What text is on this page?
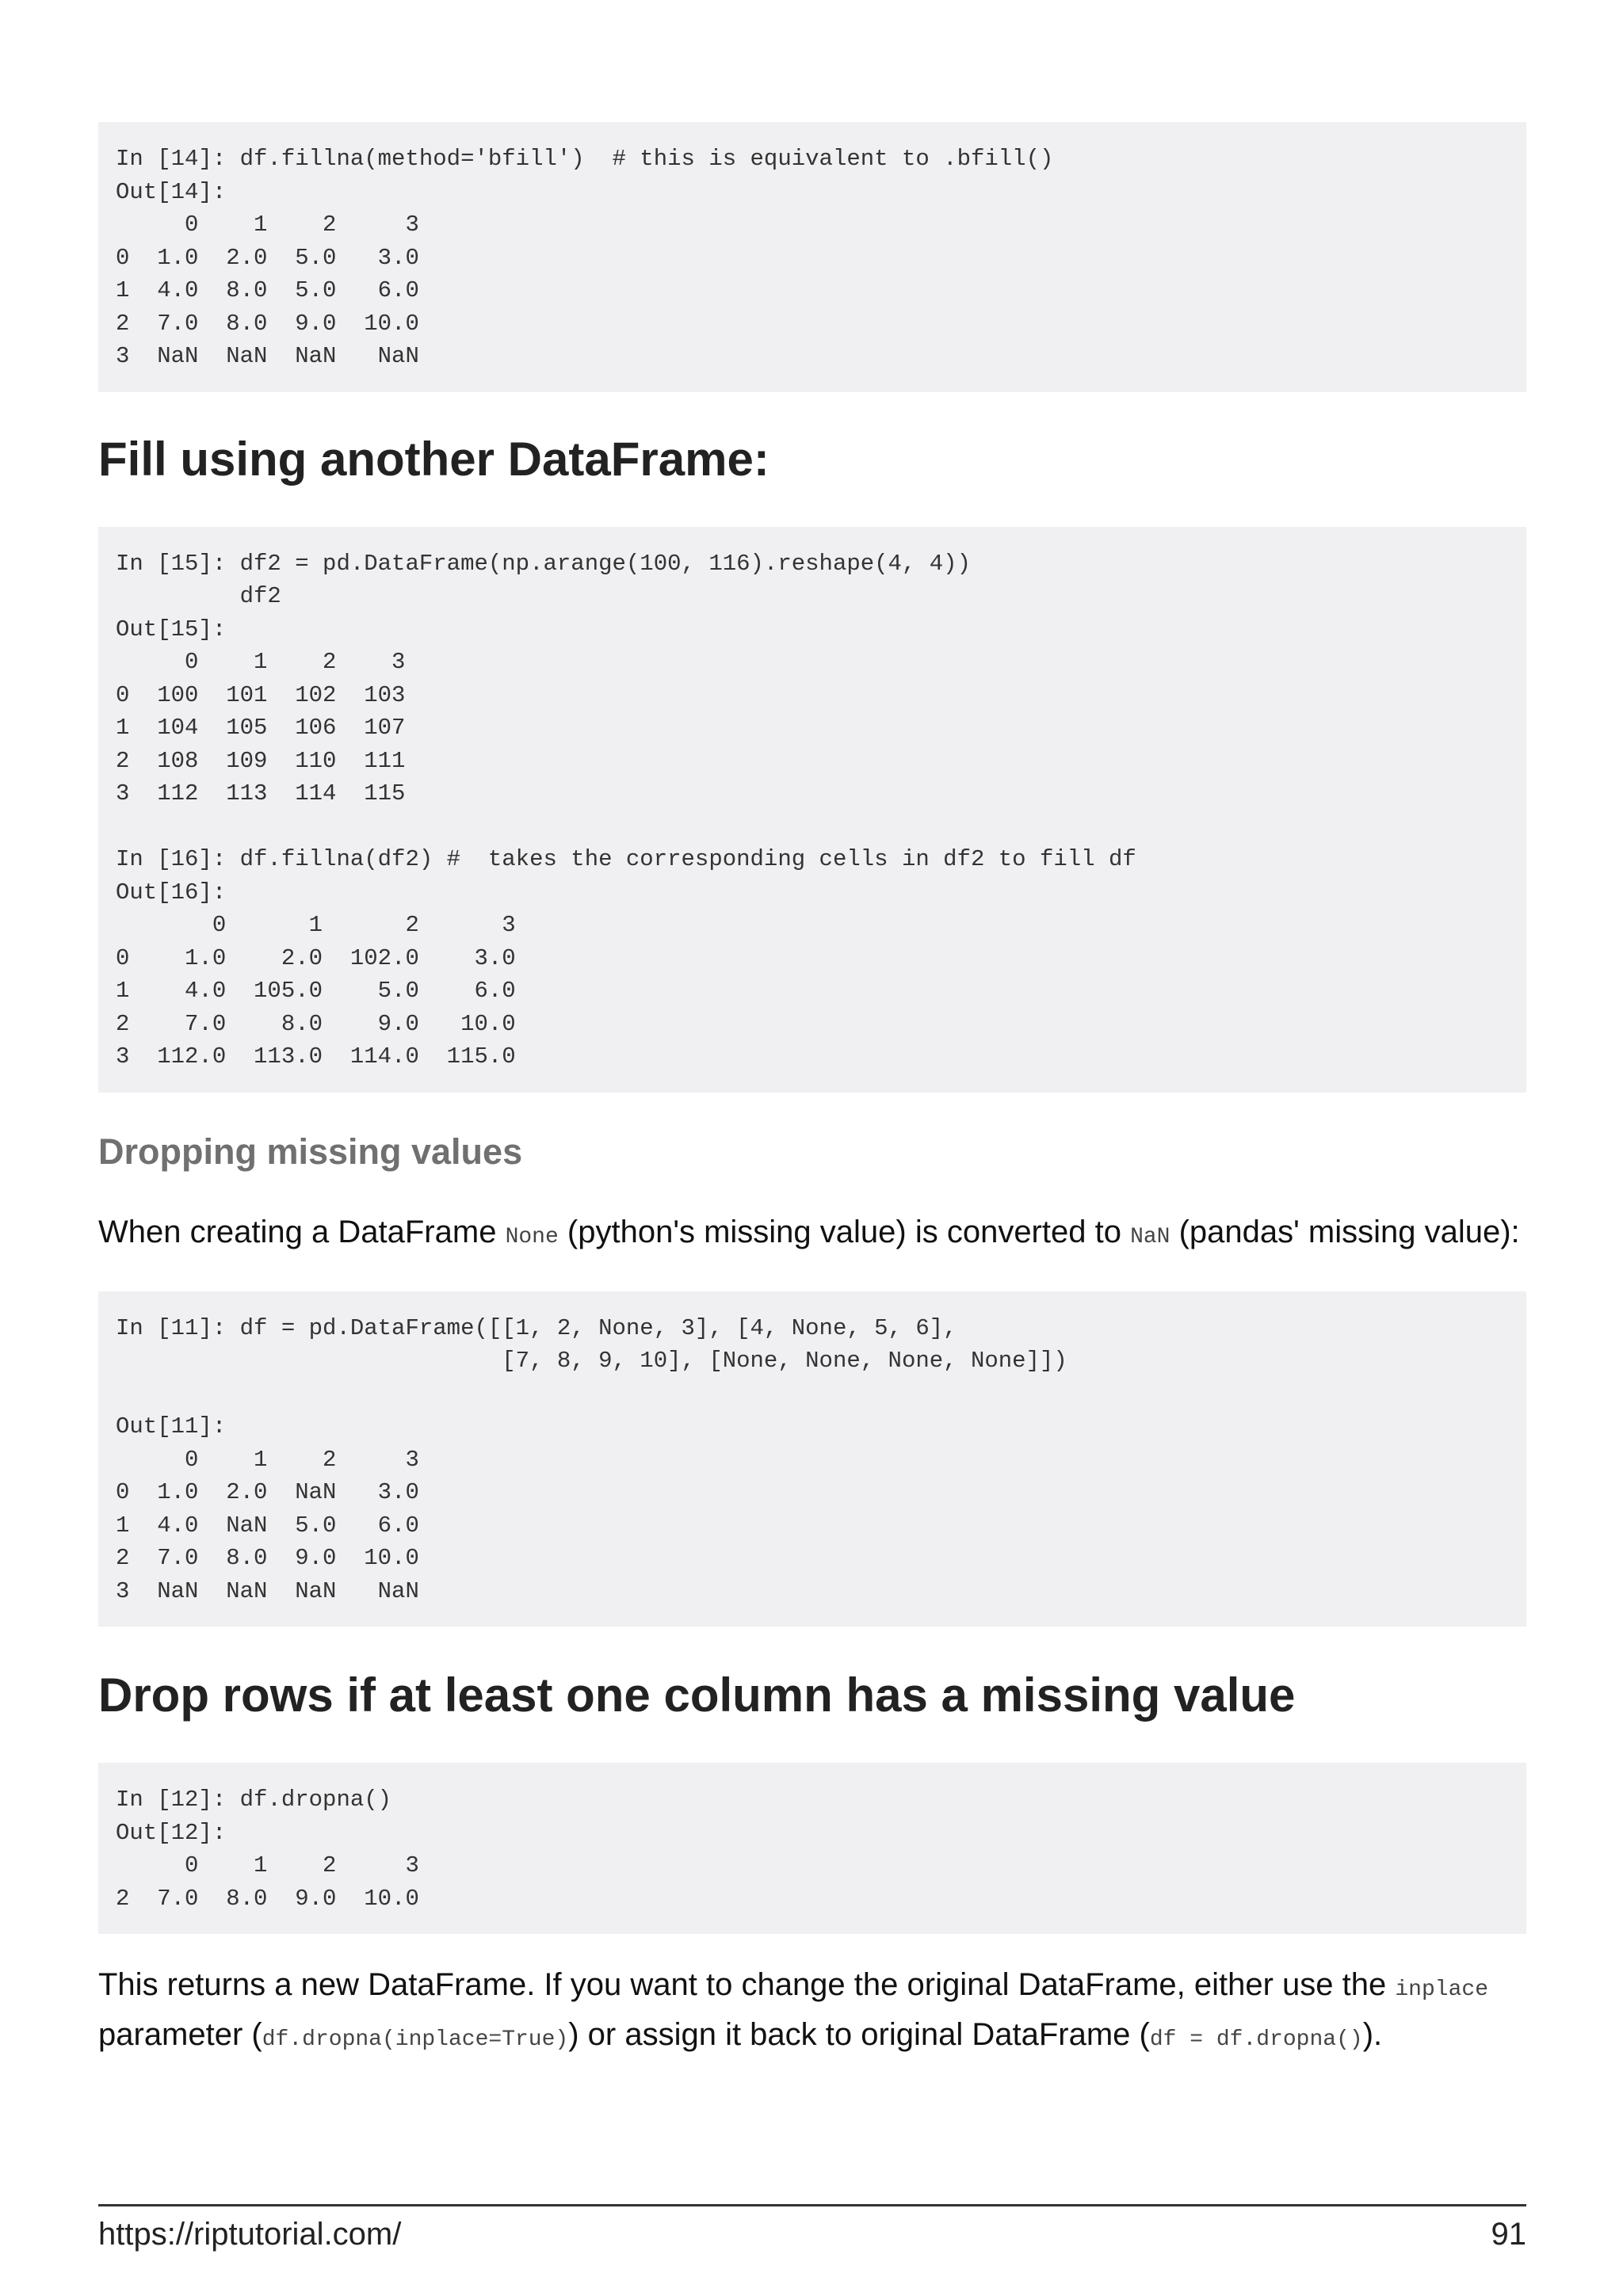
In [14]: df.fillna(method='bfill')  # this is equivalent to .bfill()
Out[14]:
0    1    2     3
0  1.0  2.0  5.0   3.0
1  4.0  8.0  5.0   6.0
2  7.0  8.0  9.0  10.0
3  NaN  NaN  NaN   NaN
Fill using another DataFrame:
In [15]: df2 = pd.DataFrame(np.arange(100, 116).reshape(4, 4))
df2
Out[15]:
0    1    2    3
0  100  101  102  103
1  104  105  106  107
2  108  109  110  111
3  112  113  114  115

In [16]: df.fillna(df2) #  takes the corresponding cells in df2 to fill df
Out[16]:
0      1      2      3
0    1.0    2.0  102.0    3.0
1    4.0  105.0    5.0    6.0
2    7.0    8.0    9.0   10.0
3  112.0  113.0  114.0  115.0
Dropping missing values

When creating a DataFrame None (python's missing value) is converted to NaN (pandas' missing value):

In [11]: df = pd.DataFrame([[1, 2, None, 3], [4, None, 5, 6],
[7, 8, 9, 10], [None, None, None, None]])

Out[11]:
0    1    2     3
0  1.0  2.0  NaN   3.0
1  4.0  NaN  5.0   6.0
2  7.0  8.0  9.0  10.0
3  NaN  NaN  NaN   NaN
Drop rows if at least one column has a missing value
In [12]: df.dropna()
Out[12]:
0    1    2     3
2  7.0  8.0  9.0  10.0

This returns a new DataFrame. If you want to change the original DataFrame, either use the inplace parameter (df.dropna(inplace=True)) or assign it back to original DataFrame (df = df.dropna()).

https://riptutorial.com/	91
